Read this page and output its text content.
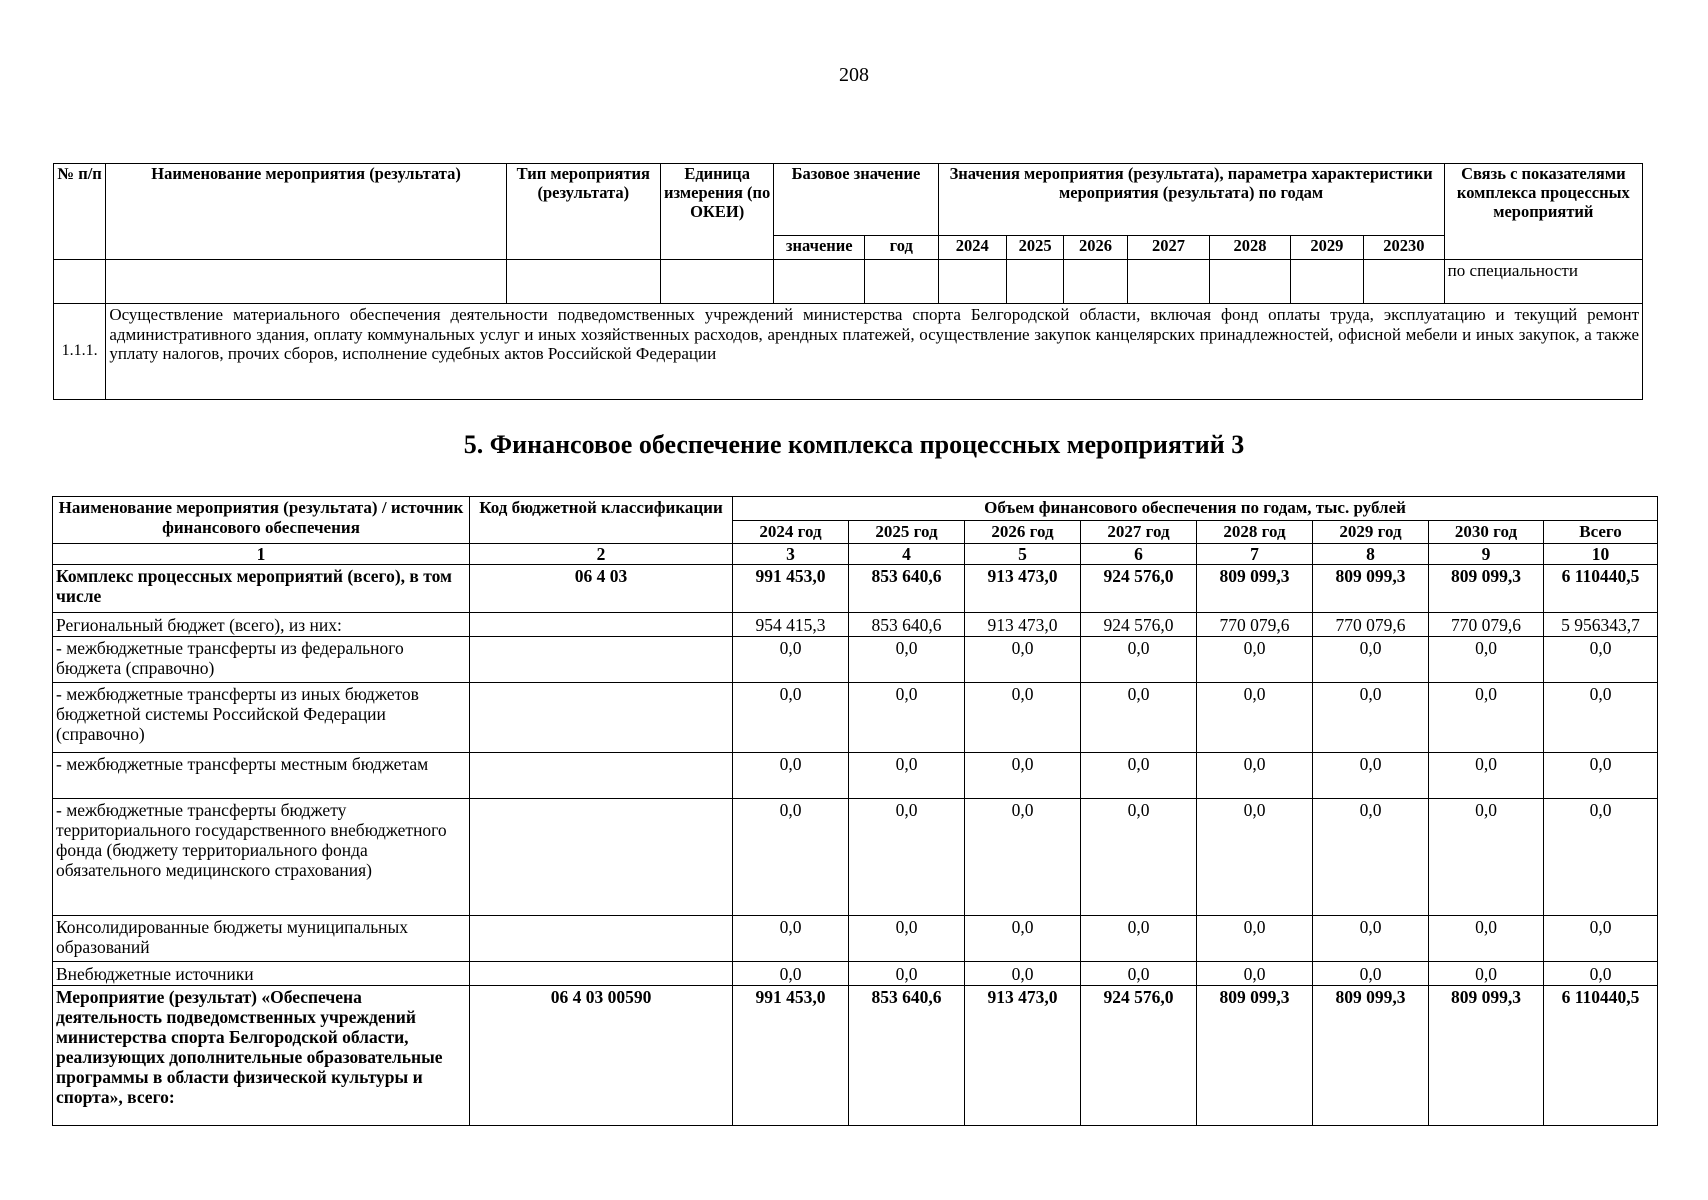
208
№ п/п	Наименование мероприятия (результата)	Тип мероприятия (результата)	Единица измерения (по ОКЕИ)	Базовое значение		Значения мероприятия (результата), параметра характеристики мероприятия (результата) по годам							Связь с показателями комплекса процессных мероприятий
				значение	год	2024	2025	2026	2027	2028	2029	20230	
													по специальности
1.1.1.	Осуществление материального обеспечения деятельности подведомственных учреждений министерства спорта Белгородской области, включая фонд оплаты труда, эксплуатацию и текущий ремонт административного здания, оплату коммунальных услуг и иных хозяйственных расходов, арендных платежей, осуществление закупок канцелярских принадлежностей, офисной мебели и иных закупок, а также уплату налогов, прочих сборов, исполнение судебных актов Российской Федерации												
5. Финансовое обеспечение комплекса процессных мероприятий 3
Наименование мероприятия (результата) / источник финансового обеспечения	Код бюджетной классификации	Объем финансового обеспечения по годам, тыс. рублей							
		2024 год	2025 год	2026 год	2027 год	2028 год	2029 год	2030 год	Всего
1	2	3	4	5	6	7	8	9	10
Комплекс процессных мероприятий (всего), в том числе	06 4 03	991 453,0	853 640,6	913 473,0	924 576,0	809 099,3	809 099,3	809 099,3	6 110440,5
Региональный бюджет (всего), из них:		954 415,3	853 640,6	913 473,0	924 576,0	770 079,6	770 079,6	770 079,6	5 956343,7
- межбюджетные трансферты из федерального бюджета (справочно)		0,0	0,0	0,0	0,0	0,0	0,0	0,0	0,0
- межбюджетные трансферты из иных бюджетов бюджетной системы Российской Федерации (справочно)		0,0	0,0	0,0	0,0	0,0	0,0	0,0	0,0
- межбюджетные трансферты местным бюджетам		0,0	0,0	0,0	0,0	0,0	0,0	0,0	0,0
- межбюджетные трансферты бюджету территориального государственного внебюджетного фонда (бюджету территориального фонда обязательного медицинского страхования)		0,0	0,0	0,0	0,0	0,0	0,0	0,0	0,0
Консолидированные бюджеты муниципальных образований		0,0	0,0	0,0	0,0	0,0	0,0	0,0	0,0
Внебюджетные источники		0,0	0,0	0,0	0,0	0,0	0,0	0,0	0,0
Мероприятие (результат) «Обеспечена деятельность подведомственных учреждений министерства спорта Белгородской области, реализующих дополнительные образовательные программы в области физической культуры и спорта», всего:	06 4 03 00590	991 453,0	853 640,6	913 473,0	924 576,0	809 099,3	809 099,3	809 099,3	6 110440,5
